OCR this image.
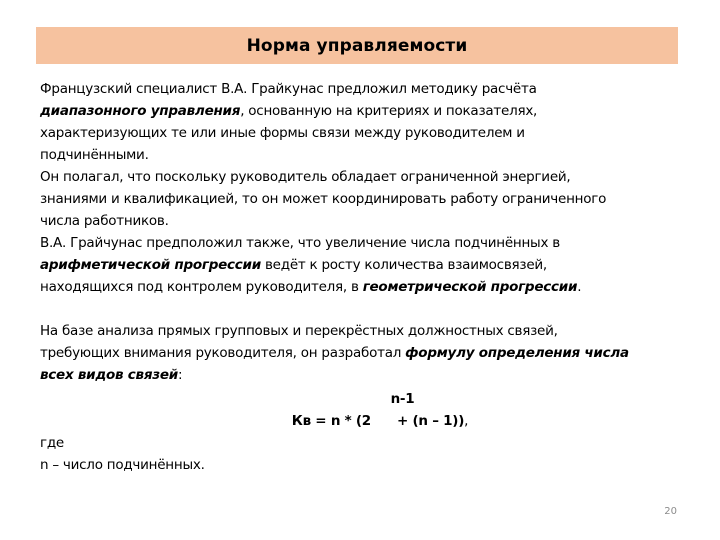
Норма управляемости

Французский специалист В.А. Грайкунас предложил методику расчёта
диапазонного управления, основанную на критериях и показателях,
характеризующих те или иные формы связи между руководителем и
подчинёнными.

Он полагал, что поскольку руководитель обладает ограниченной энергией,
знаниями и квалификацией, то он может координировать работу ограниченного
числа работников.

В.А. Грайчунас предположил также, что увеличение числа подчинённых в
арифметической прогрессии ведёт к росту количества взаимосвязей,
находящихся под контролем руководителя, в геометрической прогрессии.

На базе анализа прямых групповых и перекрёстных должностных связей,
требующих внимания руководителя, он разработал формулу определения числа
всех видов связей:

n-1
Кв = n * (2 + (n – 1)),

где

n – число подчинённых.

20
